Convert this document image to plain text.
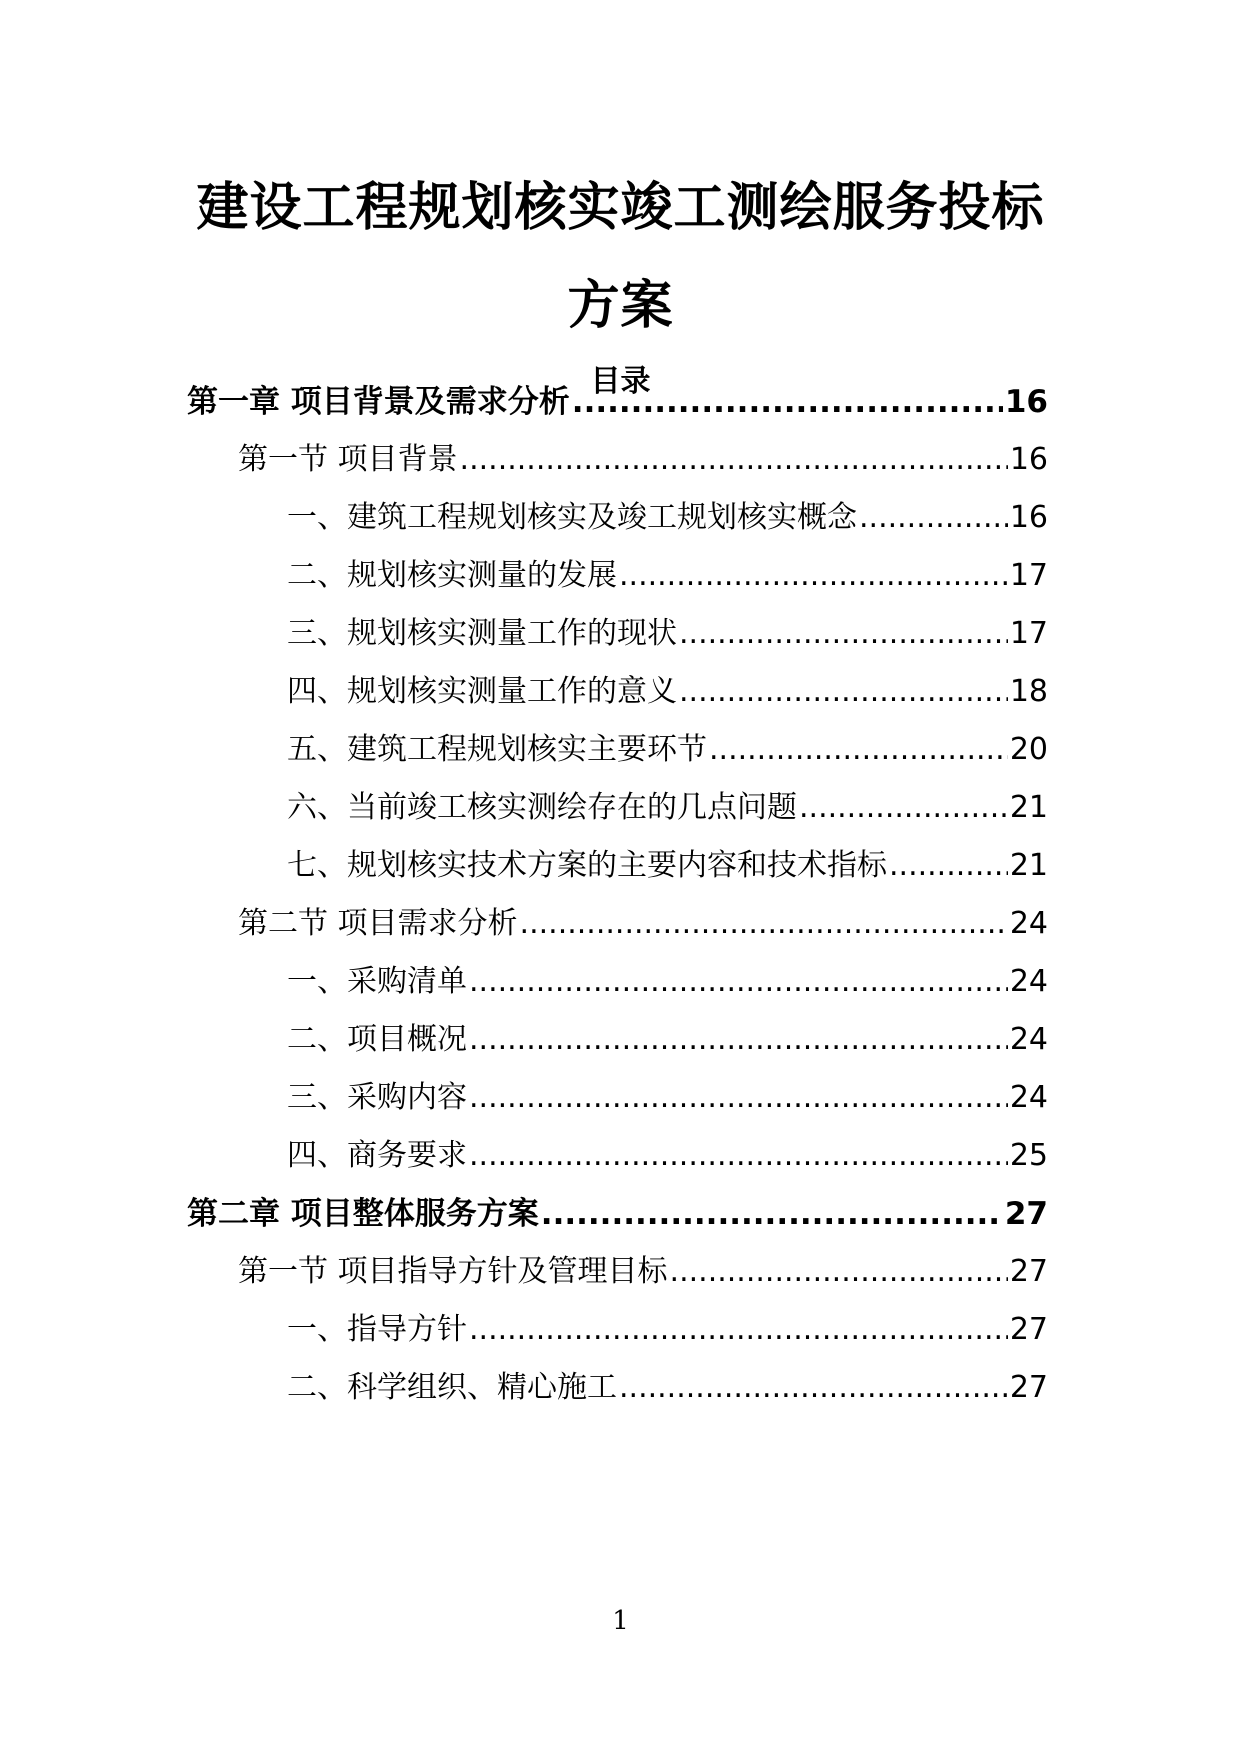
建设工程规划核实竣工测绘服务投标
方案
目录
第一章 项目背景及需求分析 .....	16
第一节 项目背景 .....	16
一、建筑工程规划核实及竣工规划核实概念 .....	16
二、规划核实测量的发展 .....	17
三、规划核实测量工作的现状 .....	17
四、规划核实测量工作的意义 .....	18
五、建筑工程规划核实主要环节 .....	20
六、当前竣工核实测绘存在的几点问题 .....	21
七、规划核实技术方案的主要内容和技术指标 .....	21
第二节 项目需求分析 .....	24
一、采购清单 .....	24
二、项目概况 .....	24
三、采购内容 .....	24
四、商务要求 .....	25
第二章 项目整体服务方案 .....	27
第一节 项目指导方针及管理目标 .....	27
一、指导方针 .....	27
二、科学组织、精心施工 .....	27
1
